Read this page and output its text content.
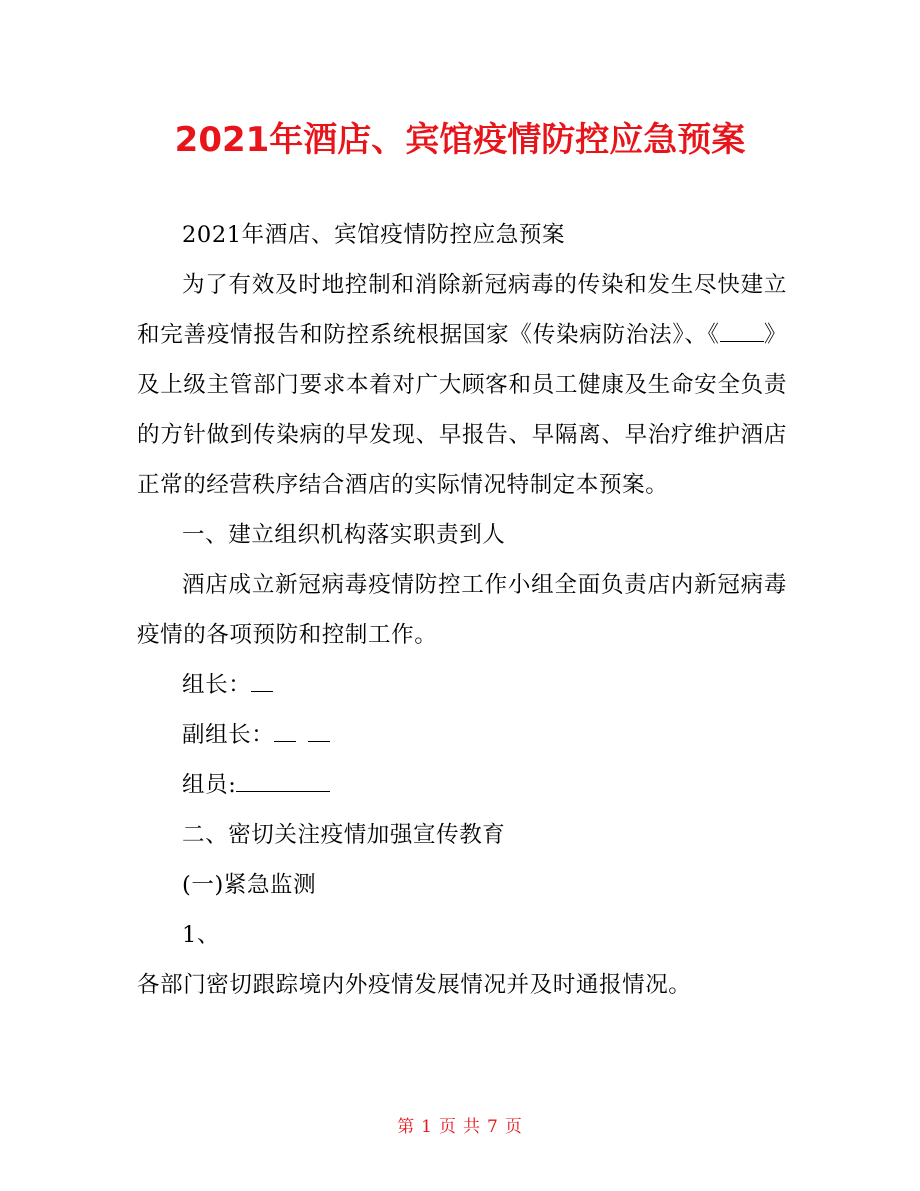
2021年酒店、宾馆疫情防控应急预案

2021年酒店、宾馆疫情防控应急预案

为了有效及时地控制和消除新冠病毒的传染和发生尽快建立和完善疫情报告和防控系统根据国家《传染病防治法》、《 》及上级主管部门要求本着对广大顾客和员工健康及生命安全负责的方针做到传染病的早发现、早报告、早隔离、早治疗维护酒店正常的经营秩序结合酒店的实际情况特制定本预案。

一、建立组织机构落实职责到人

酒店成立新冠病毒疫情防控工作小组全面负责店内新冠病毒疫情的各项预防和控制工作。

组长：

副组长：

组员:

二、密切关注疫情加强宣传教育

(一)紧急监测

1、

各部门密切跟踪境内外疫情发展情况并及时通报情况。

第 1 页 共 7 页
